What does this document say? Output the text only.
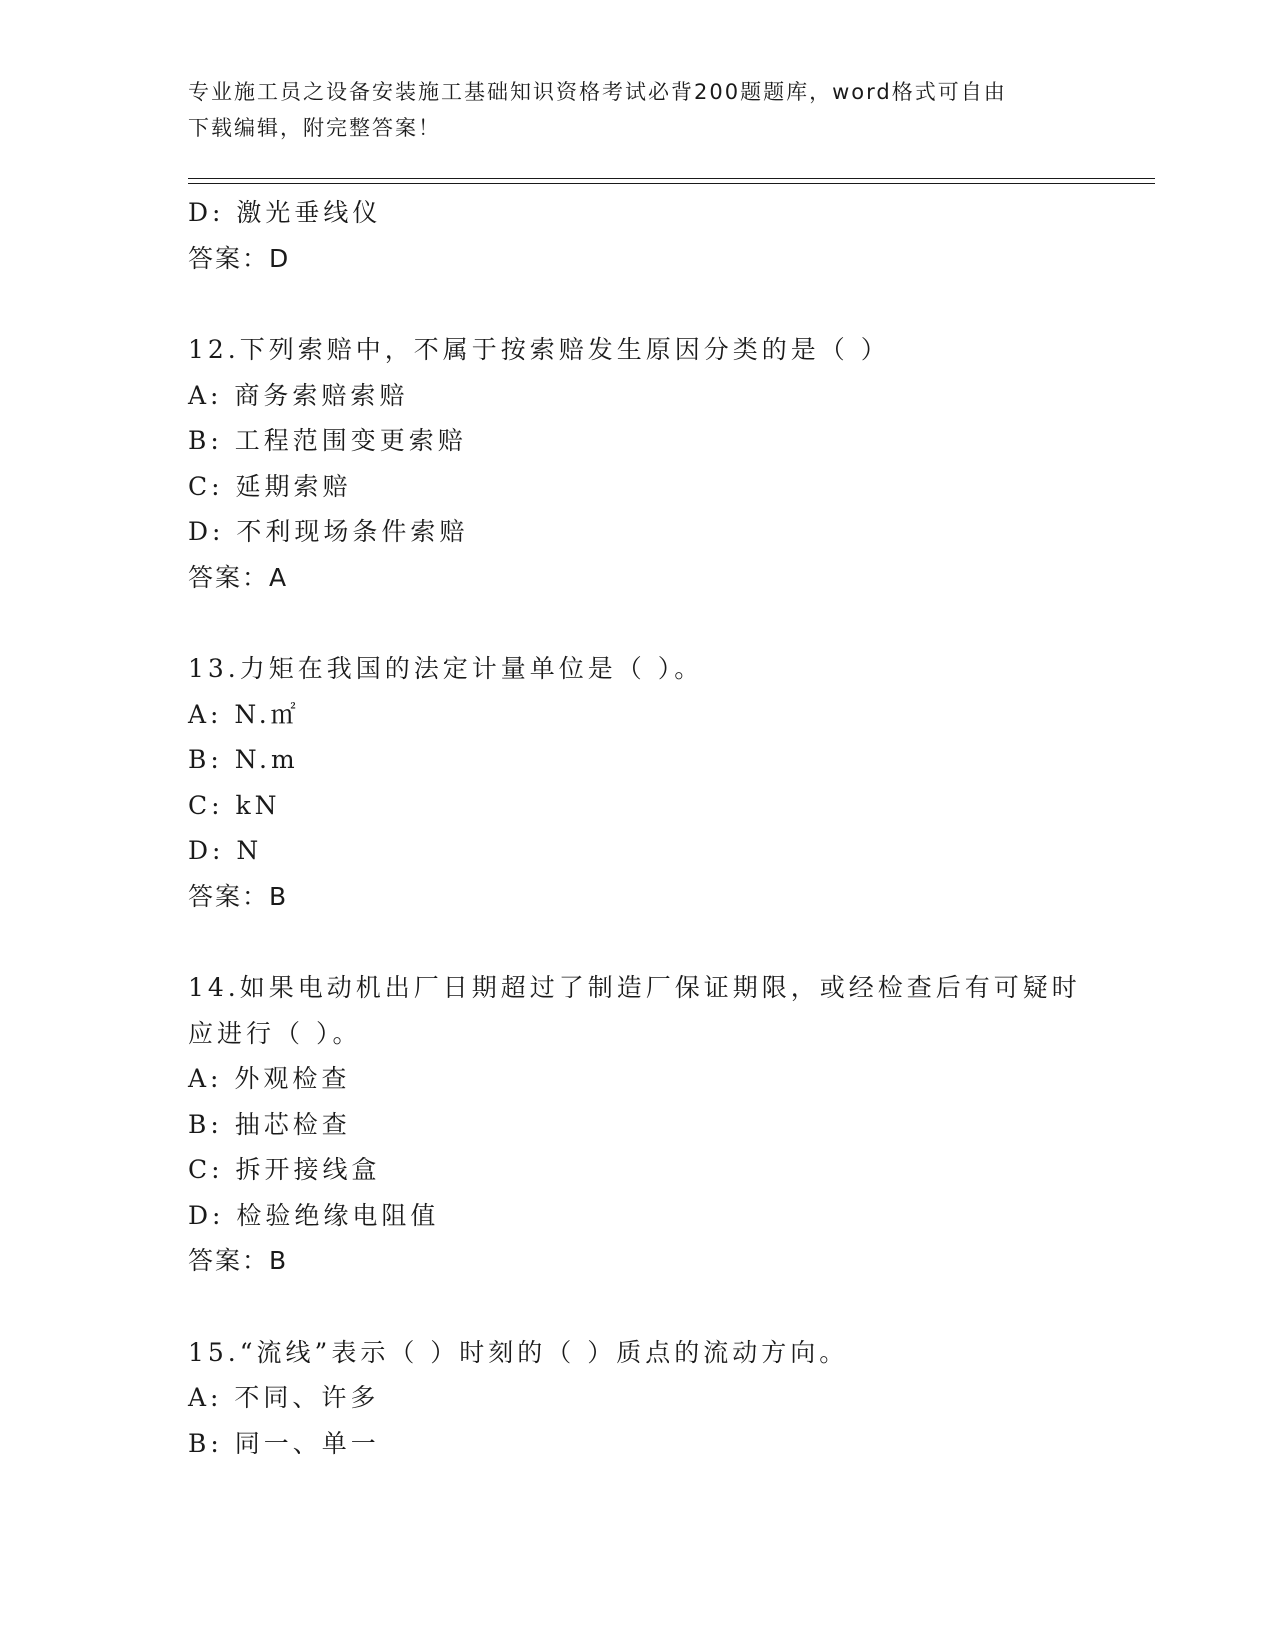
专业施工员之设备安装施工基础知识资格考试必背200题题库，word格式可自由
下载编辑，附完整答案！
D: 激光垂线仪
答案：D
12.下列索赔中，不属于按索赔发生原因分类的是（ ）
A: 商务索赔索赔
B: 工程范围变更索赔
C: 延期索赔
D: 不利现场条件索赔
答案：A
13.力矩在我国的法定计量单位是（ ）。
A: N.㎡
B: N.m
C: kN
D: N
答案：B
14.如果电动机出厂日期超过了制造厂保证期限，或经检查后有可疑时
应进行（ ）。
A: 外观检查
B: 抽芯检查
C: 拆开接线盒
D: 检验绝缘电阻值
答案：B
15.“流线”表示（ ）时刻的（ ）质点的流动方向。
A: 不同、许多
B: 同一、单一
